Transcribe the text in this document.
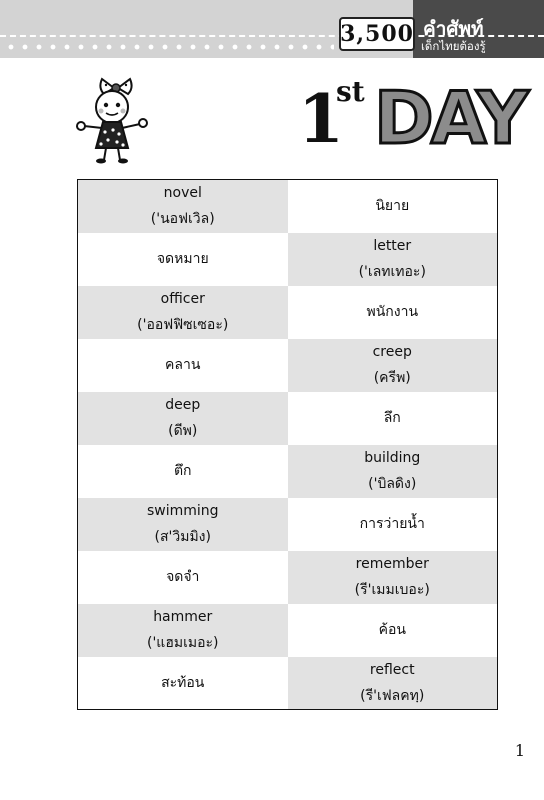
3,500 คำศัพท์
เด็กไทยต้องรู้
1
st DAY
novel
('นอฟเวิล)	นิยาย

จดหมาย	letter
('เลทเทอะ)

officer
('ออฟฟิซเซอะ)	พนักงาน

คลาน	creep
(ครีพ)

deep
(ดีพ)	ลึก

ตึก	building
('บิลดิง)

swimming
(ส'วิมมิง)	การว่ายน้ำ

จดจำ	remember
(รี'เมมเบอะ)

hammer
('แฮมเมอะ)	ค้อน

สะท้อน	reflect
(รี'เฟลคทฺ)
1
